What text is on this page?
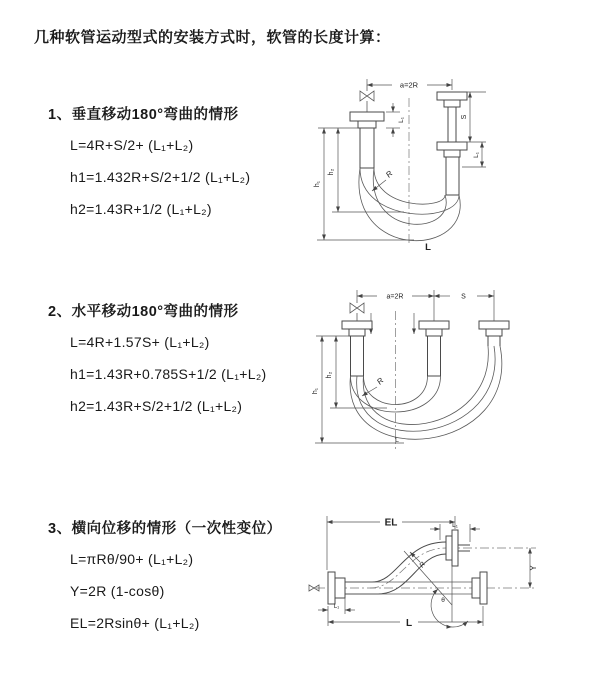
几种软管运动型式的安装方式时，软管的长度计算：
1、垂直移动180°弯曲的情形
L=4R+S/2+ (L₁+L₂)
h1=1.432R+S/2+1/2 (L₁+L₂)
h2=1.43R+1/2 (L₁+L₂)
2、水平移动180°弯曲的情形
L=4R+1.57S+ (L₁+L₂)
h1=1.43R+0.785S+1/2 (L₁+L₂)
h2=1.43R+S/2+1/2 (L₁+L₂)
3、横向位移的情形（一次性变位）
L=πRθ/90+ (L₁+L₂)
Y=2R (1-cosθ)
EL=2Rsinθ+ (L₁+L₂)
a=2R
L₁
S
L₁
h₂
h₁
R
L
a=2R	S
h₂
h₁
R
L
EL	L₁
Y
θ
R
L₁
L
